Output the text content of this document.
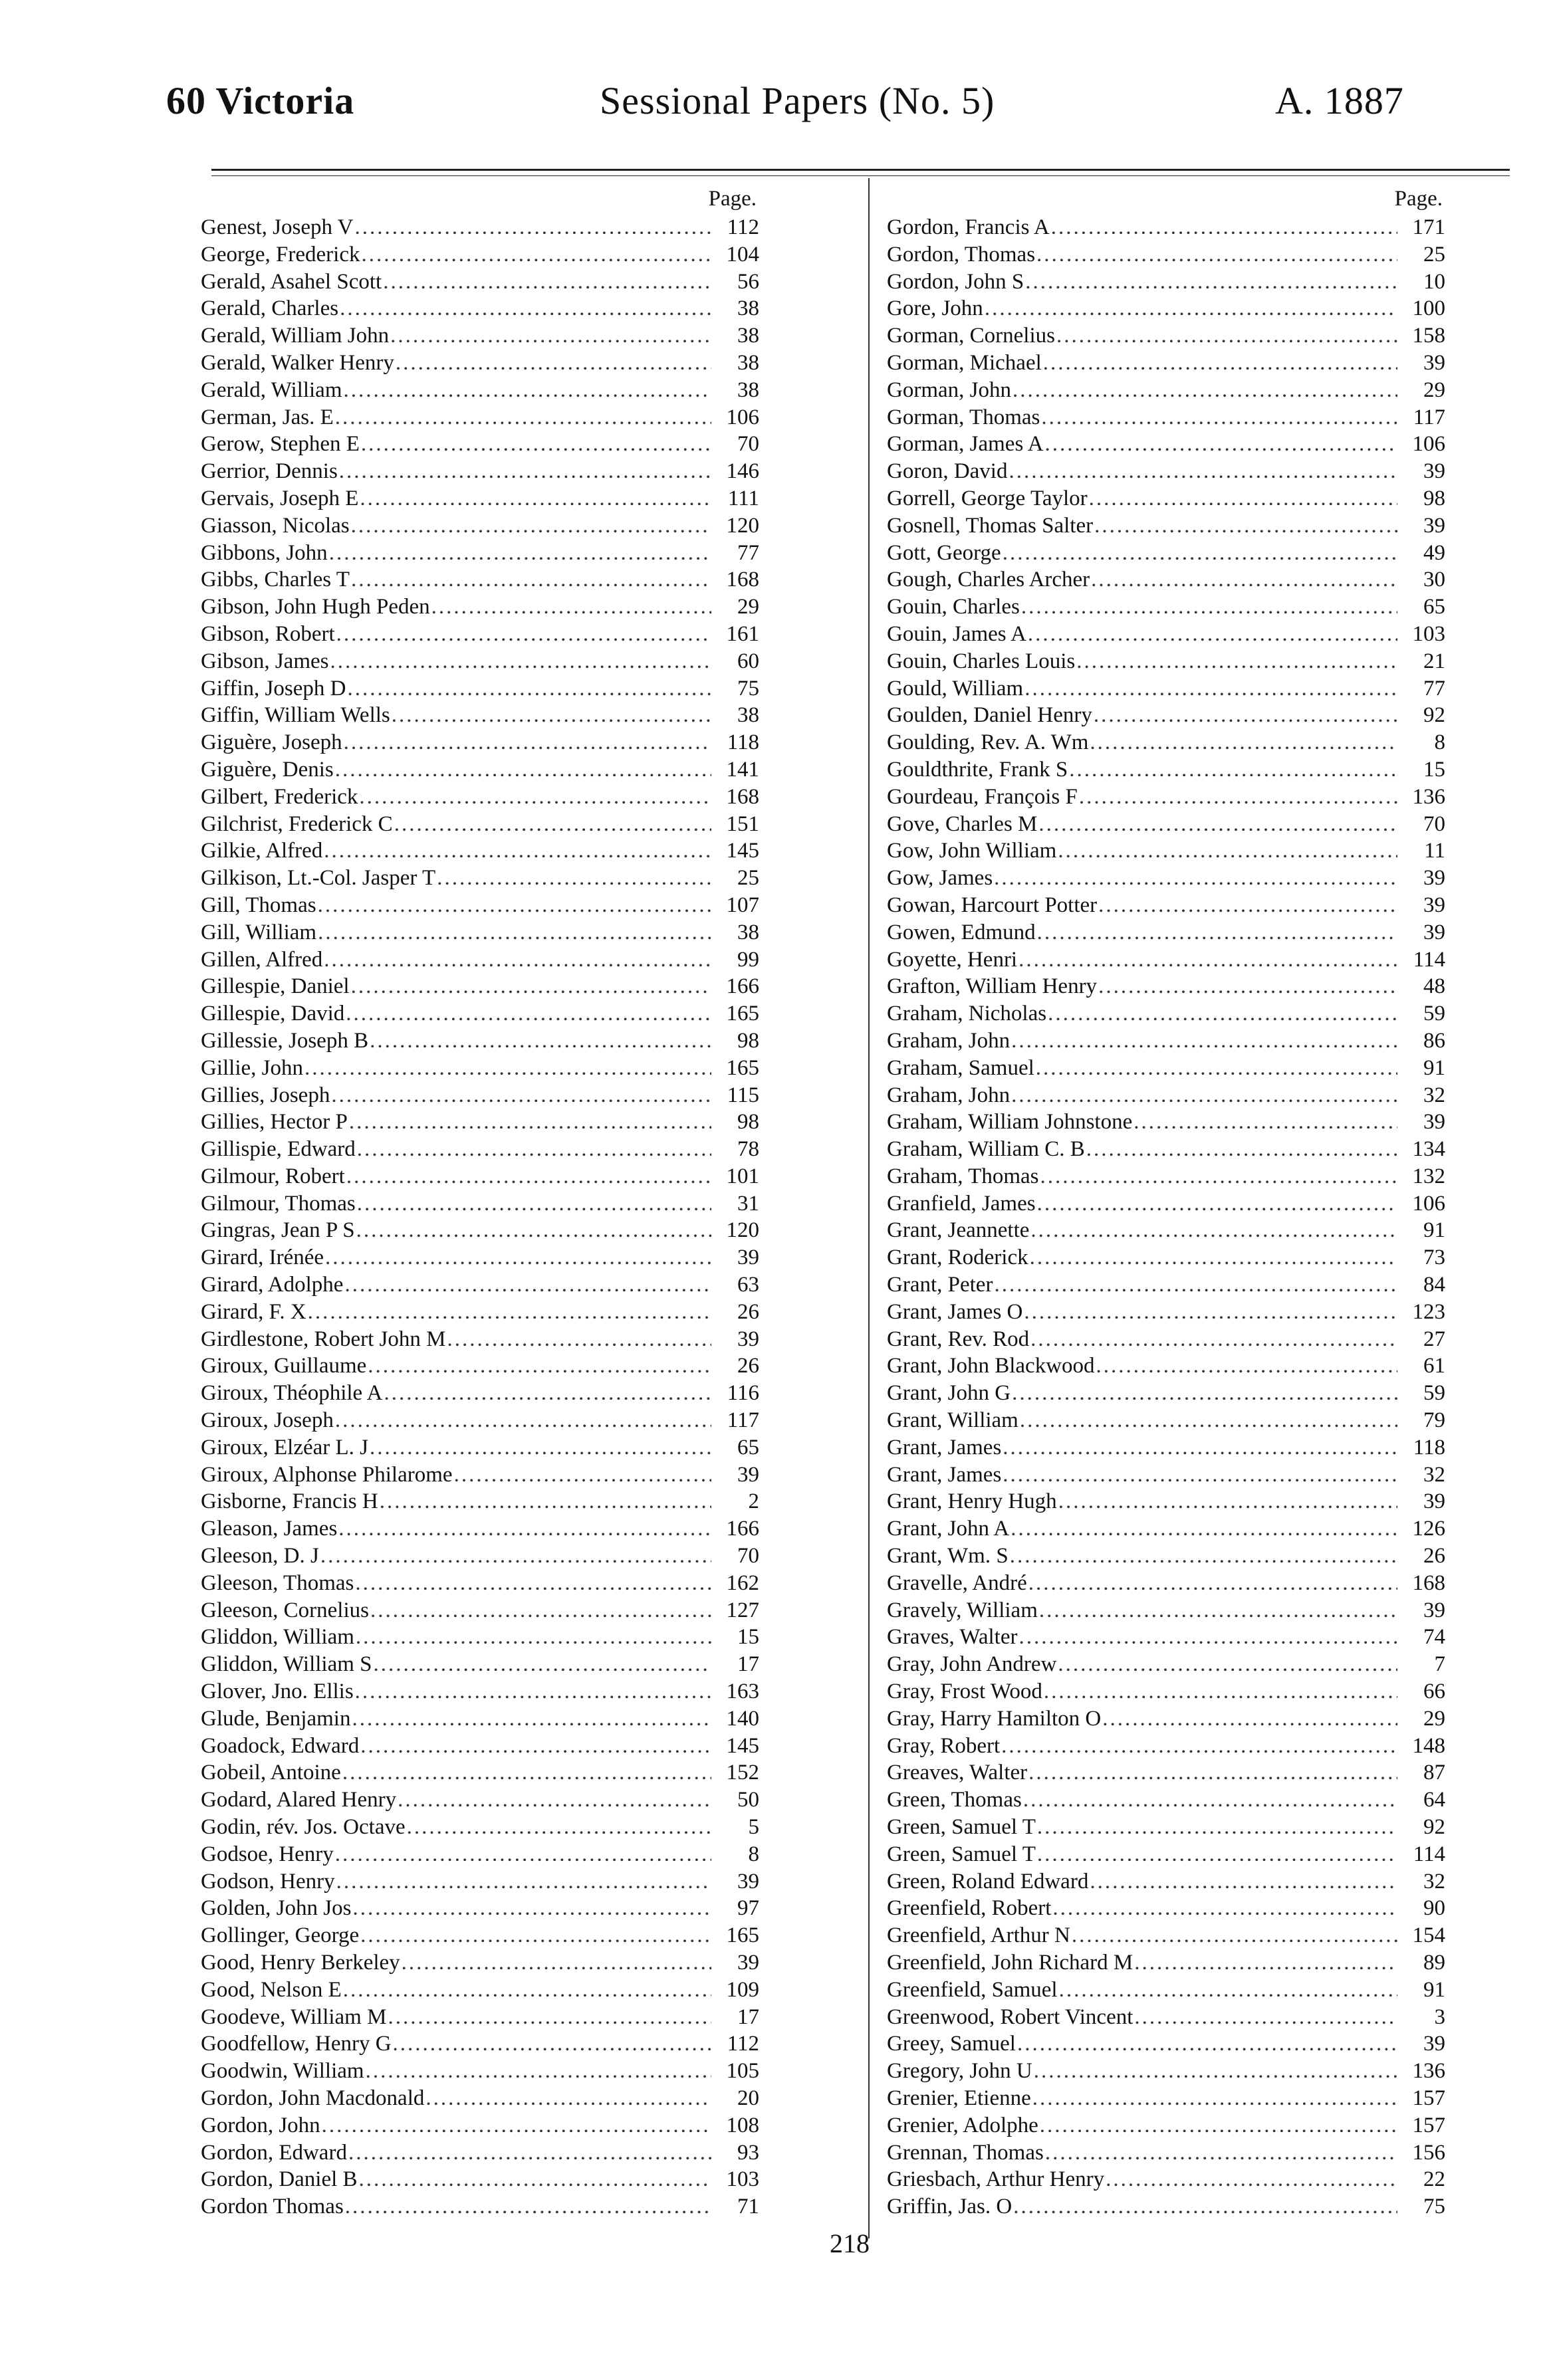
60 Victoria	Sessional Papers (No. 5)	A. 1887
Page.
Genest, Joseph V .....	112
George, Frederick .....	104
Gerald, Asahel Scott .....	56
Gerald, Charles .....	38
Gerald, William John .....	38
Gerald, Walker Henry .....	38
Gerald, William .....	38
German, Jas. E .....	106
Gerow, Stephen E .....	70
Gerrior, Dennis .....	146
Gervais, Joseph E .....	111
Giasson, Nicolas .....	120
Gibbons, John .....	77
Gibbs, Charles T .....	168
Gibson, John Hugh Peden .....	29
Gibson, Robert .....	161
Gibson, James .....	60
Giffin, Joseph D .....	75
Giffin, William Wells .....	38
Giguère, Joseph .....	118
Giguère, Denis .....	141
Gilbert, Frederick .....	168
Gilchrist, Frederick C .....	151
Gilkie, Alfred .....	145
Gilkison, Lt.-Col. Jasper T .....	25
Gill, Thomas .....	107
Gill, William .....	38
Gillen, Alfred .....	99
Gillespie, Daniel .....	166
Gillespie, David .....	165
Gillessie, Joseph B .....	98
Gillie, John .....	165
Gillies, Joseph .....	115
Gillies, Hector P .....	98
Gillispie, Edward .....	78
Gilmour, Robert .....	101
Gilmour, Thomas .....	31
Gingras, Jean P S .....	120
Girard, Irénée .....	39
Girard, Adolphe .....	63
Girard, F. X .....	26
Girdlestone, Robert John M .....	39
Giroux, Guillaume .....	26
Giroux, Théophile A .....	116
Giroux, Joseph .....	117
Giroux, Elzéar L. J .....	65
Giroux, Alphonse Philarome .....	39
Gisborne, Francis H .....	2
Gleason, James .....	166
Gleeson, D. J .....	70
Gleeson, Thomas .....	162
Gleeson, Cornelius .....	127
Gliddon, William .....	15
Gliddon, William S .....	17
Glover, Jno. Ellis .....	163
Glude, Benjamin .....	140
Goadock, Edward .....	145
Gobeil, Antoine .....	152
Godard, Alared Henry .....	50
Godin, rév. Jos. Octave .....	5
Godsoe, Henry .....	8
Godson, Henry .....	39
Golden, John Jos .....	97
Gollinger, George .....	165
Good, Henry Berkeley .....	39
Good, Nelson E .....	109
Goodeve, William M .....	17
Goodfellow, Henry G .....	112
Goodwin, William .....	105
Gordon, John Macdonald .....	20
Gordon, John .....	108
Gordon, Edward .....	93
Gordon, Daniel B .....	103
Gordon Thomas .....	71
Page.
Gordon, Francis A .....	171
Gordon, Thomas .....	25
Gordon, John S .....	10
Gore, John .....	100
Gorman, Cornelius .....	158
Gorman, Michael .....	39
Gorman, John .....	29
Gorman, Thomas .....	117
Gorman, James A .....	106
Goron, David .....	39
Gorrell, George Taylor .....	98
Gosnell, Thomas Salter .....	39
Gott, George .....	49
Gough, Charles Archer .....	30
Gouin, Charles .....	65
Gouin, James A .....	103
Gouin, Charles Louis .....	21
Gould, William .....	77
Goulden, Daniel Henry .....	92
Goulding, Rev. A. Wm .....	8
Gouldthrite, Frank S .....	15
Gourdeau, François F .....	136
Gove, Charles M .....	70
Gow, John William .....	11
Gow, James .....	39
Gowan, Harcourt Potter .....	39
Gowen, Edmund .....	39
Goyette, Henri .....	114
Grafton, William Henry .....	48
Graham, Nicholas .....	59
Graham, John .....	86
Graham, Samuel .....	91
Graham, John .....	32
Graham, William Johnstone .....	39
Graham, William C. B .....	134
Graham, Thomas .....	132
Granfield, James .....	106
Grant, Jeannette .....	91
Grant, Roderick .....	73
Grant, Peter .....	84
Grant, James O .....	123
Grant, Rev. Rod .....	27
Grant, John Blackwood .....	61
Grant, John G .....	59
Grant, William .....	79
Grant, James .....	118
Grant, James .....	32
Grant, Henry Hugh .....	39
Grant, John A .....	126
Grant, Wm. S .....	26
Gravelle, André .....	168
Gravely, William .....	39
Graves, Walter .....	74
Gray, John Andrew .....	7
Gray, Frost Wood .....	66
Gray, Harry Hamilton O .....	29
Gray, Robert .....	148
Greaves, Walter .....	87
Green, Thomas .....	64
Green, Samuel T .....	92
Green, Samuel T .....	114
Green, Roland Edward .....	32
Greenfield, Robert .....	90
Greenfield, Arthur N .....	154
Greenfield, John Richard M .....	89
Greenfield, Samuel .....	91
Greenwood, Robert Vincent .....	3
Greey, Samuel .....	39
Gregory, John U .....	136
Grenier, Etienne .....	157
Grenier, Adolphe .....	157
Grennan, Thomas .....	156
Griesbach, Arthur Henry .....	22
Griffin, Jas. O .....	75
218
